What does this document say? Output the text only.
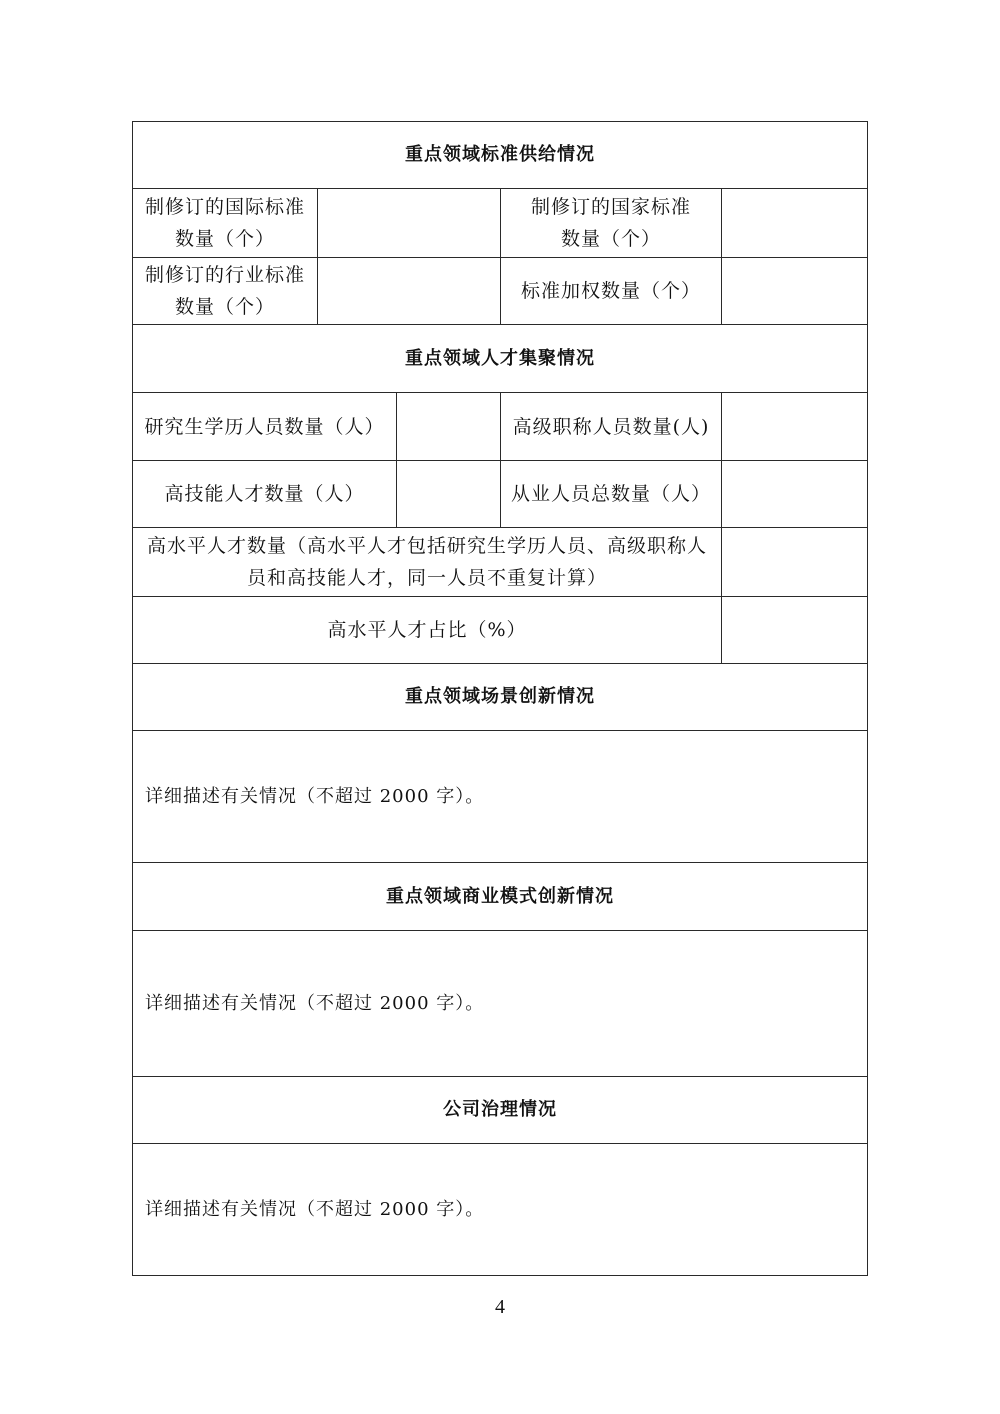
重点领域标准供给情况
制修订的国际标准
数量（个）
制修订的国家标准
数量（个）
制修订的行业标准
数量（个）
标准加权数量（个）
重点领域人才集聚情况
研究生学历人员数量（人）	高级职称人员数量(人)
高技能人才数量（人）	从业人员总数量（人）
高水平人才数量（高水平人才包括研究生学历人员、高级职称人
员和高技能人才，同一人员不重复计算）
高水平人才占比（%）
重点领域场景创新情况
详细描述有关情况（不超过 2000 字）。
重点领域商业模式创新情况
详细描述有关情况（不超过 2000 字）。
公司治理情况
详细描述有关情况（不超过 2000 字）。
4
